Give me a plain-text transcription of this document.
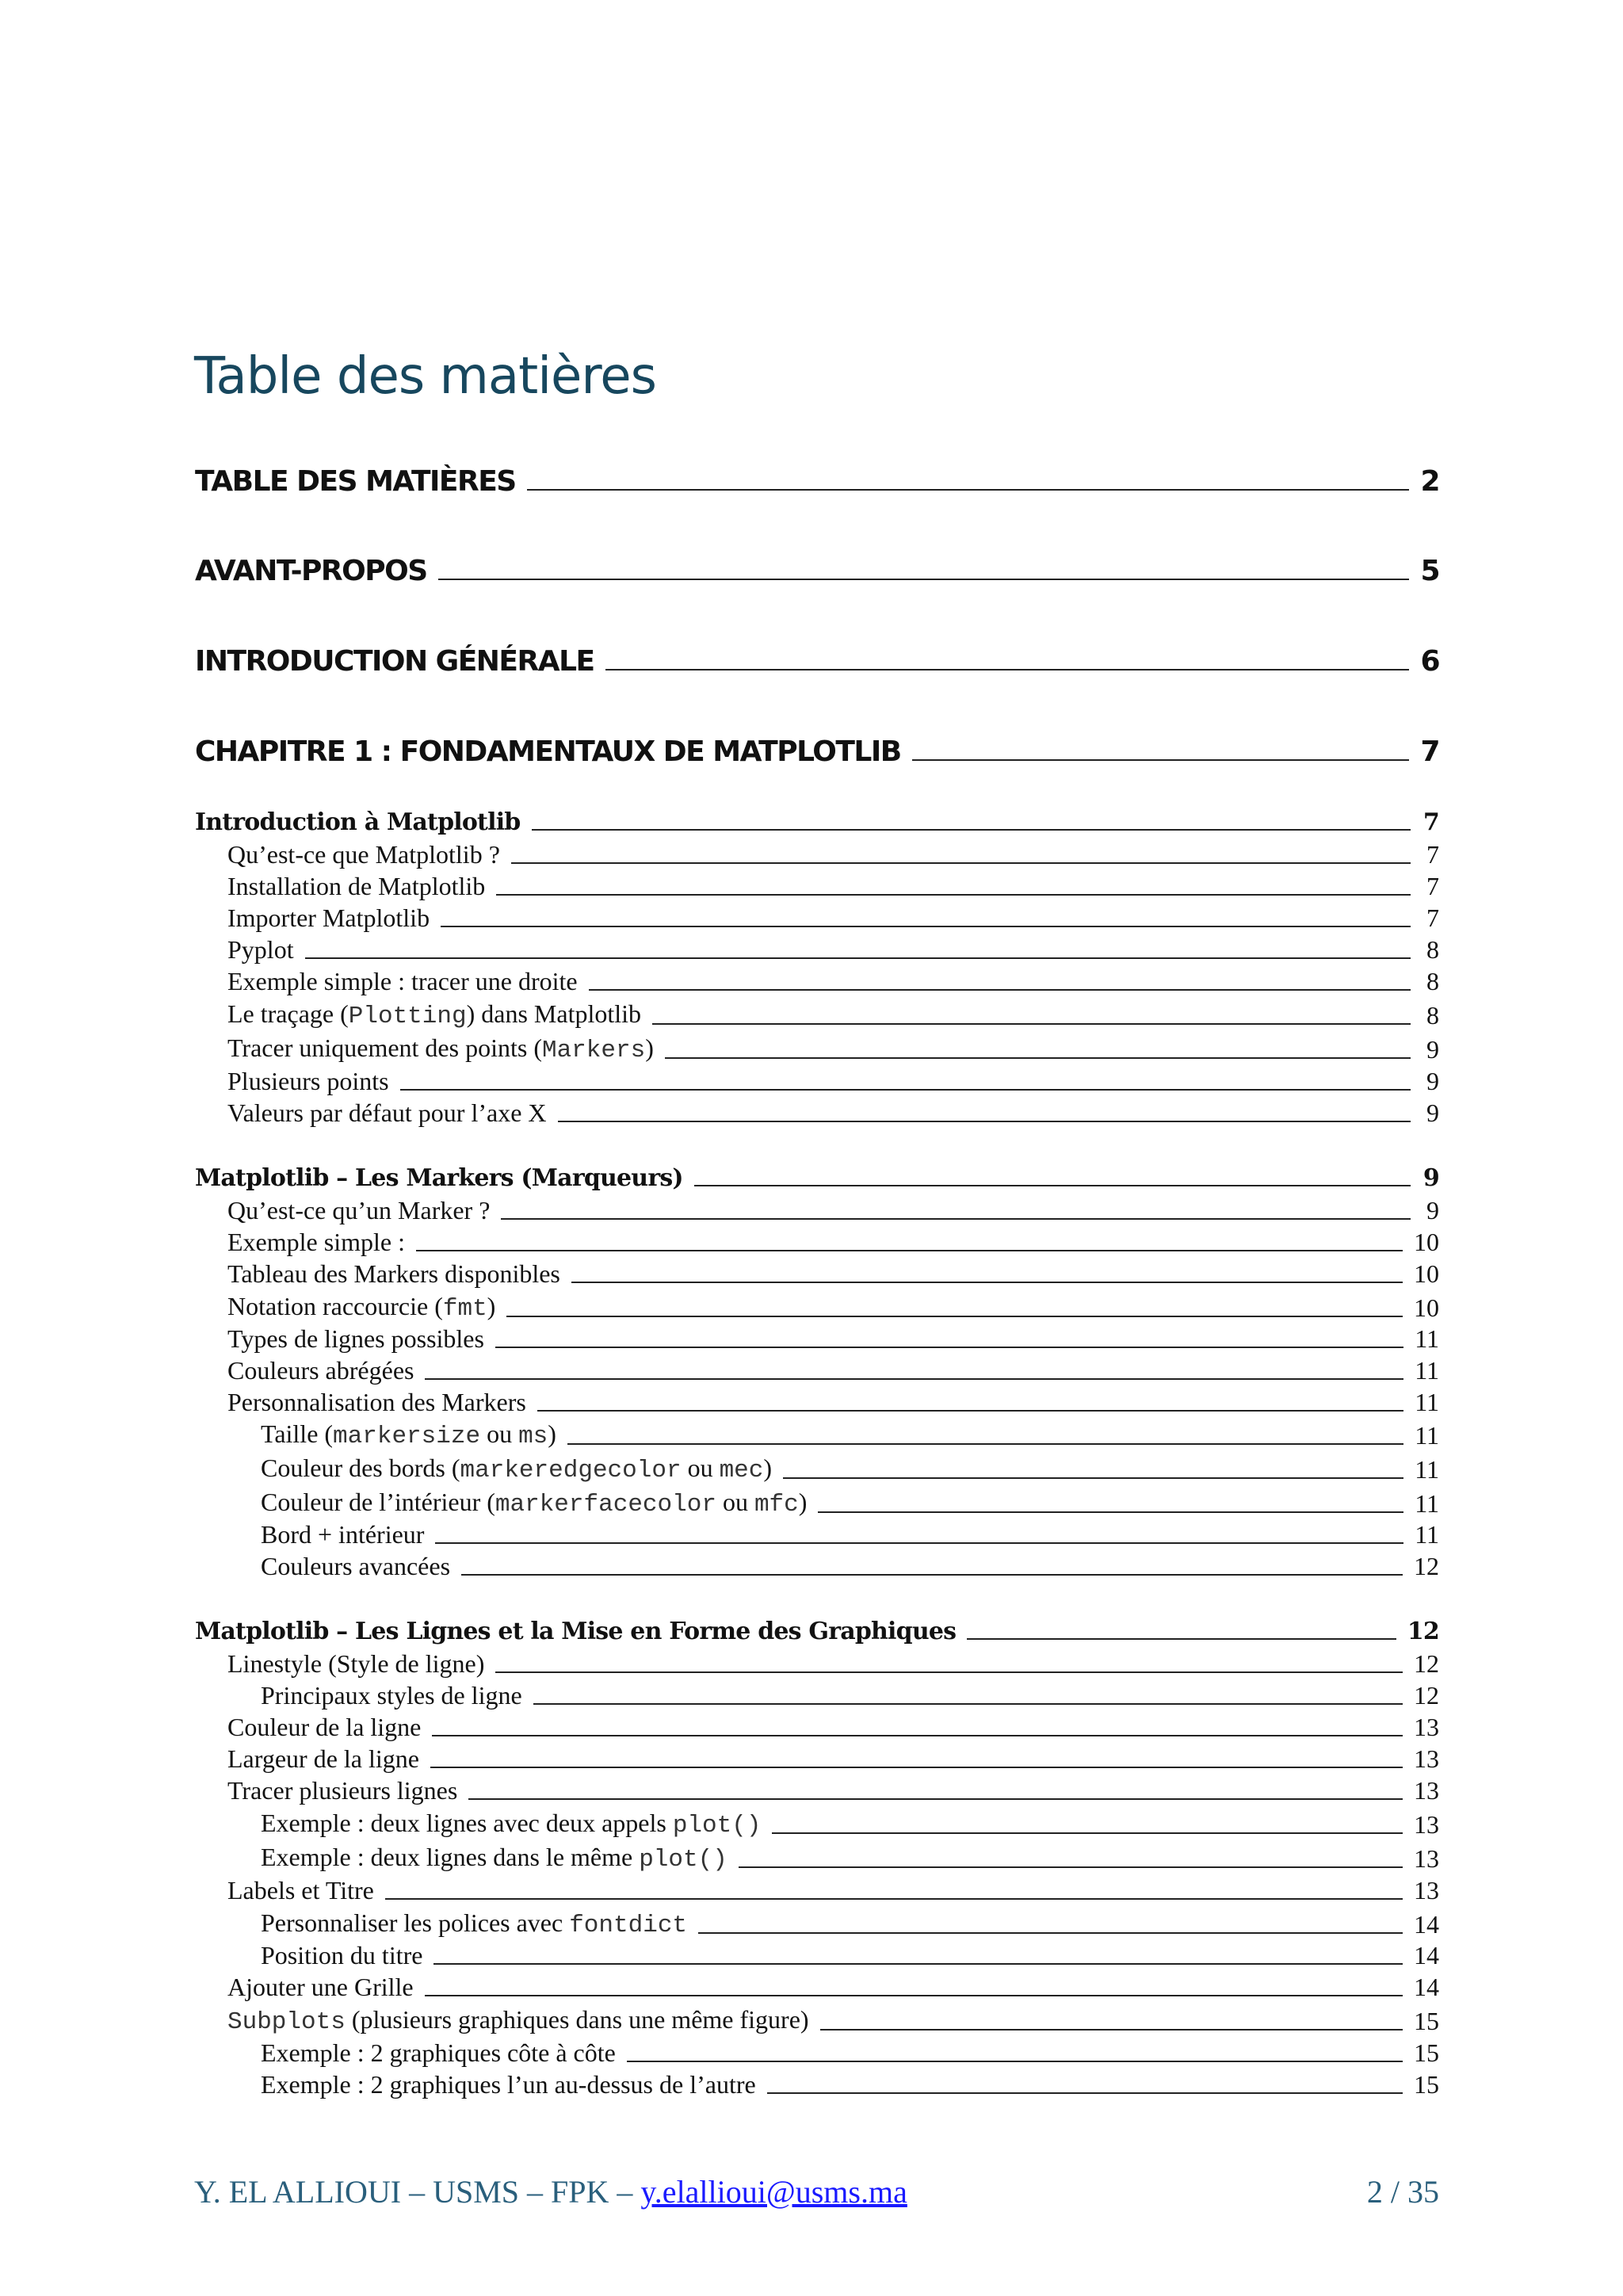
Table des matières
TABLE DES MATIÈRES	2
AVANT-PROPOS	5
INTRODUCTION GÉNÉRALE	6
CHAPITRE 1 : FONDAMENTAUX DE MATPLOTLIB	7
Introduction à Matplotlib	7
Qu’est-ce que Matplotlib ?	7
Installation de Matplotlib	7
Importer Matplotlib	7
Pyplot	8
Exemple simple : tracer une droite	8
Le traçage (Plotting) dans Matplotlib	8
Tracer uniquement des points (Markers)	9
Plusieurs points	9
Valeurs par défaut pour l’axe X	9
Matplotlib – Les Markers (Marqueurs)	9
Qu’est-ce qu’un Marker ?	9
Exemple simple :	10
Tableau des Markers disponibles	10
Notation raccourcie (fmt)	10
Types de lignes possibles	11
Couleurs abrégées	11
Personnalisation des Markers	11
Taille (markersize ou ms)	11
Couleur des bords (markeredgecolor ou mec)	11
Couleur de l’intérieur (markerfacecolor ou mfc)	11
Bord + intérieur	11
Couleurs avancées	12
Matplotlib – Les Lignes et la Mise en Forme des Graphiques	12
Linestyle (Style de ligne)	12
Principaux styles de ligne	12
Couleur de la ligne	13
Largeur de la ligne	13
Tracer plusieurs lignes	13
Exemple : deux lignes avec deux appels plot()	13
Exemple : deux lignes dans le même plot()	13
Labels et Titre	13
Personnaliser les polices avec fontdict	14
Position du titre	14
Ajouter une Grille	14
Subplots (plusieurs graphiques dans une même figure)	15
Exemple : 2 graphiques côte à côte	15
Exemple : 2 graphiques l’un au-dessus de l’autre	15
Y. EL ALLIOUI – USMS – FPK – y.elallioui@usms.ma	2 / 35
